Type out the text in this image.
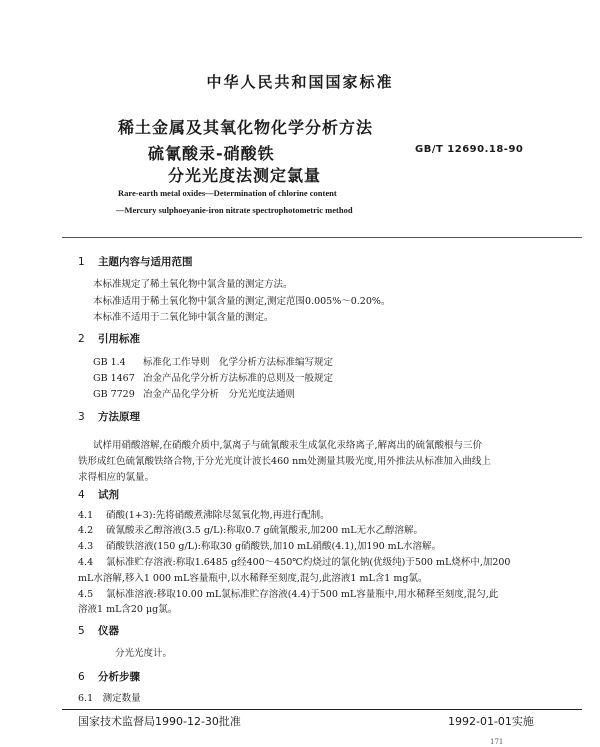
中华人民共和国国家标准
稀土金属及其氧化物化学分析方法
硫氰酸汞-硝酸铁
分光光度法测定氯量
GB/T 12690.18-90
Rare-earth metal oxides—Determination of chlorine content
—Mercury sulphoeyanie-iron nitrate spectrophotometric method
1 主题内容与适用范围
本标准规定了稀土氧化物中氯含量的测定方法。
本标准适用于稀土氧化物中氯含量的测定,测定范围0.005%～0.20%。
本标准不适用于二氧化铈中氯含量的测定。
2 引用标准
GB 1.4 标准化工作导则　化学分析方法标准编写规定
GB 1467 冶金产品化学分析方法标准的总则及一般规定
GB 7729 冶金产品化学分析　分光光度法通则
3 方法原理
试样用硝酸溶解,在硝酸介质中,氯离子与硫氰酸汞生成氯化汞络离子,解离出的硫氰酸根与三价
铁形成红色硫氰酸铁络合物,于分光光度计波长460 nm处测量其吸光度,用外推法从标准加入曲线上
求得相应的氯量。
4 试剂
4.1 硝酸(1+3):先将硝酸煮沸除尽氮氧化物,再进行配制。
4.2 硫氰酸汞乙醇溶液(3.5 g/L):称取0.7 g硫氰酸汞,加200 mL无水乙醇溶解。
4.3 硝酸铁溶液(150 g/L):称取30 g硝酸铁,加10 mL硝酸(4.1),加190 mL水溶解。
4.4 氯标准贮存溶液:称取1.6485 g经400～450℃灼烧过的氯化钠(优级纯)于500 mL烧杯中,加200
mL水溶解,移入1 000 mL容量瓶中,以水稀释至刻度,混匀,此溶液1 mL含1 mg氯。
4.5 氯标准溶液:移取10.00 mL氯标准贮存溶液(4.4)于500 mL容量瓶中,用水稀释至刻度,混匀,此
溶液1 mL含20 μg氯。
5 仪器
分光光度计。
6 分析步骤
6.1　测定数量
国家技术监督局1990-12-30批准	1992-01-01实施
171
